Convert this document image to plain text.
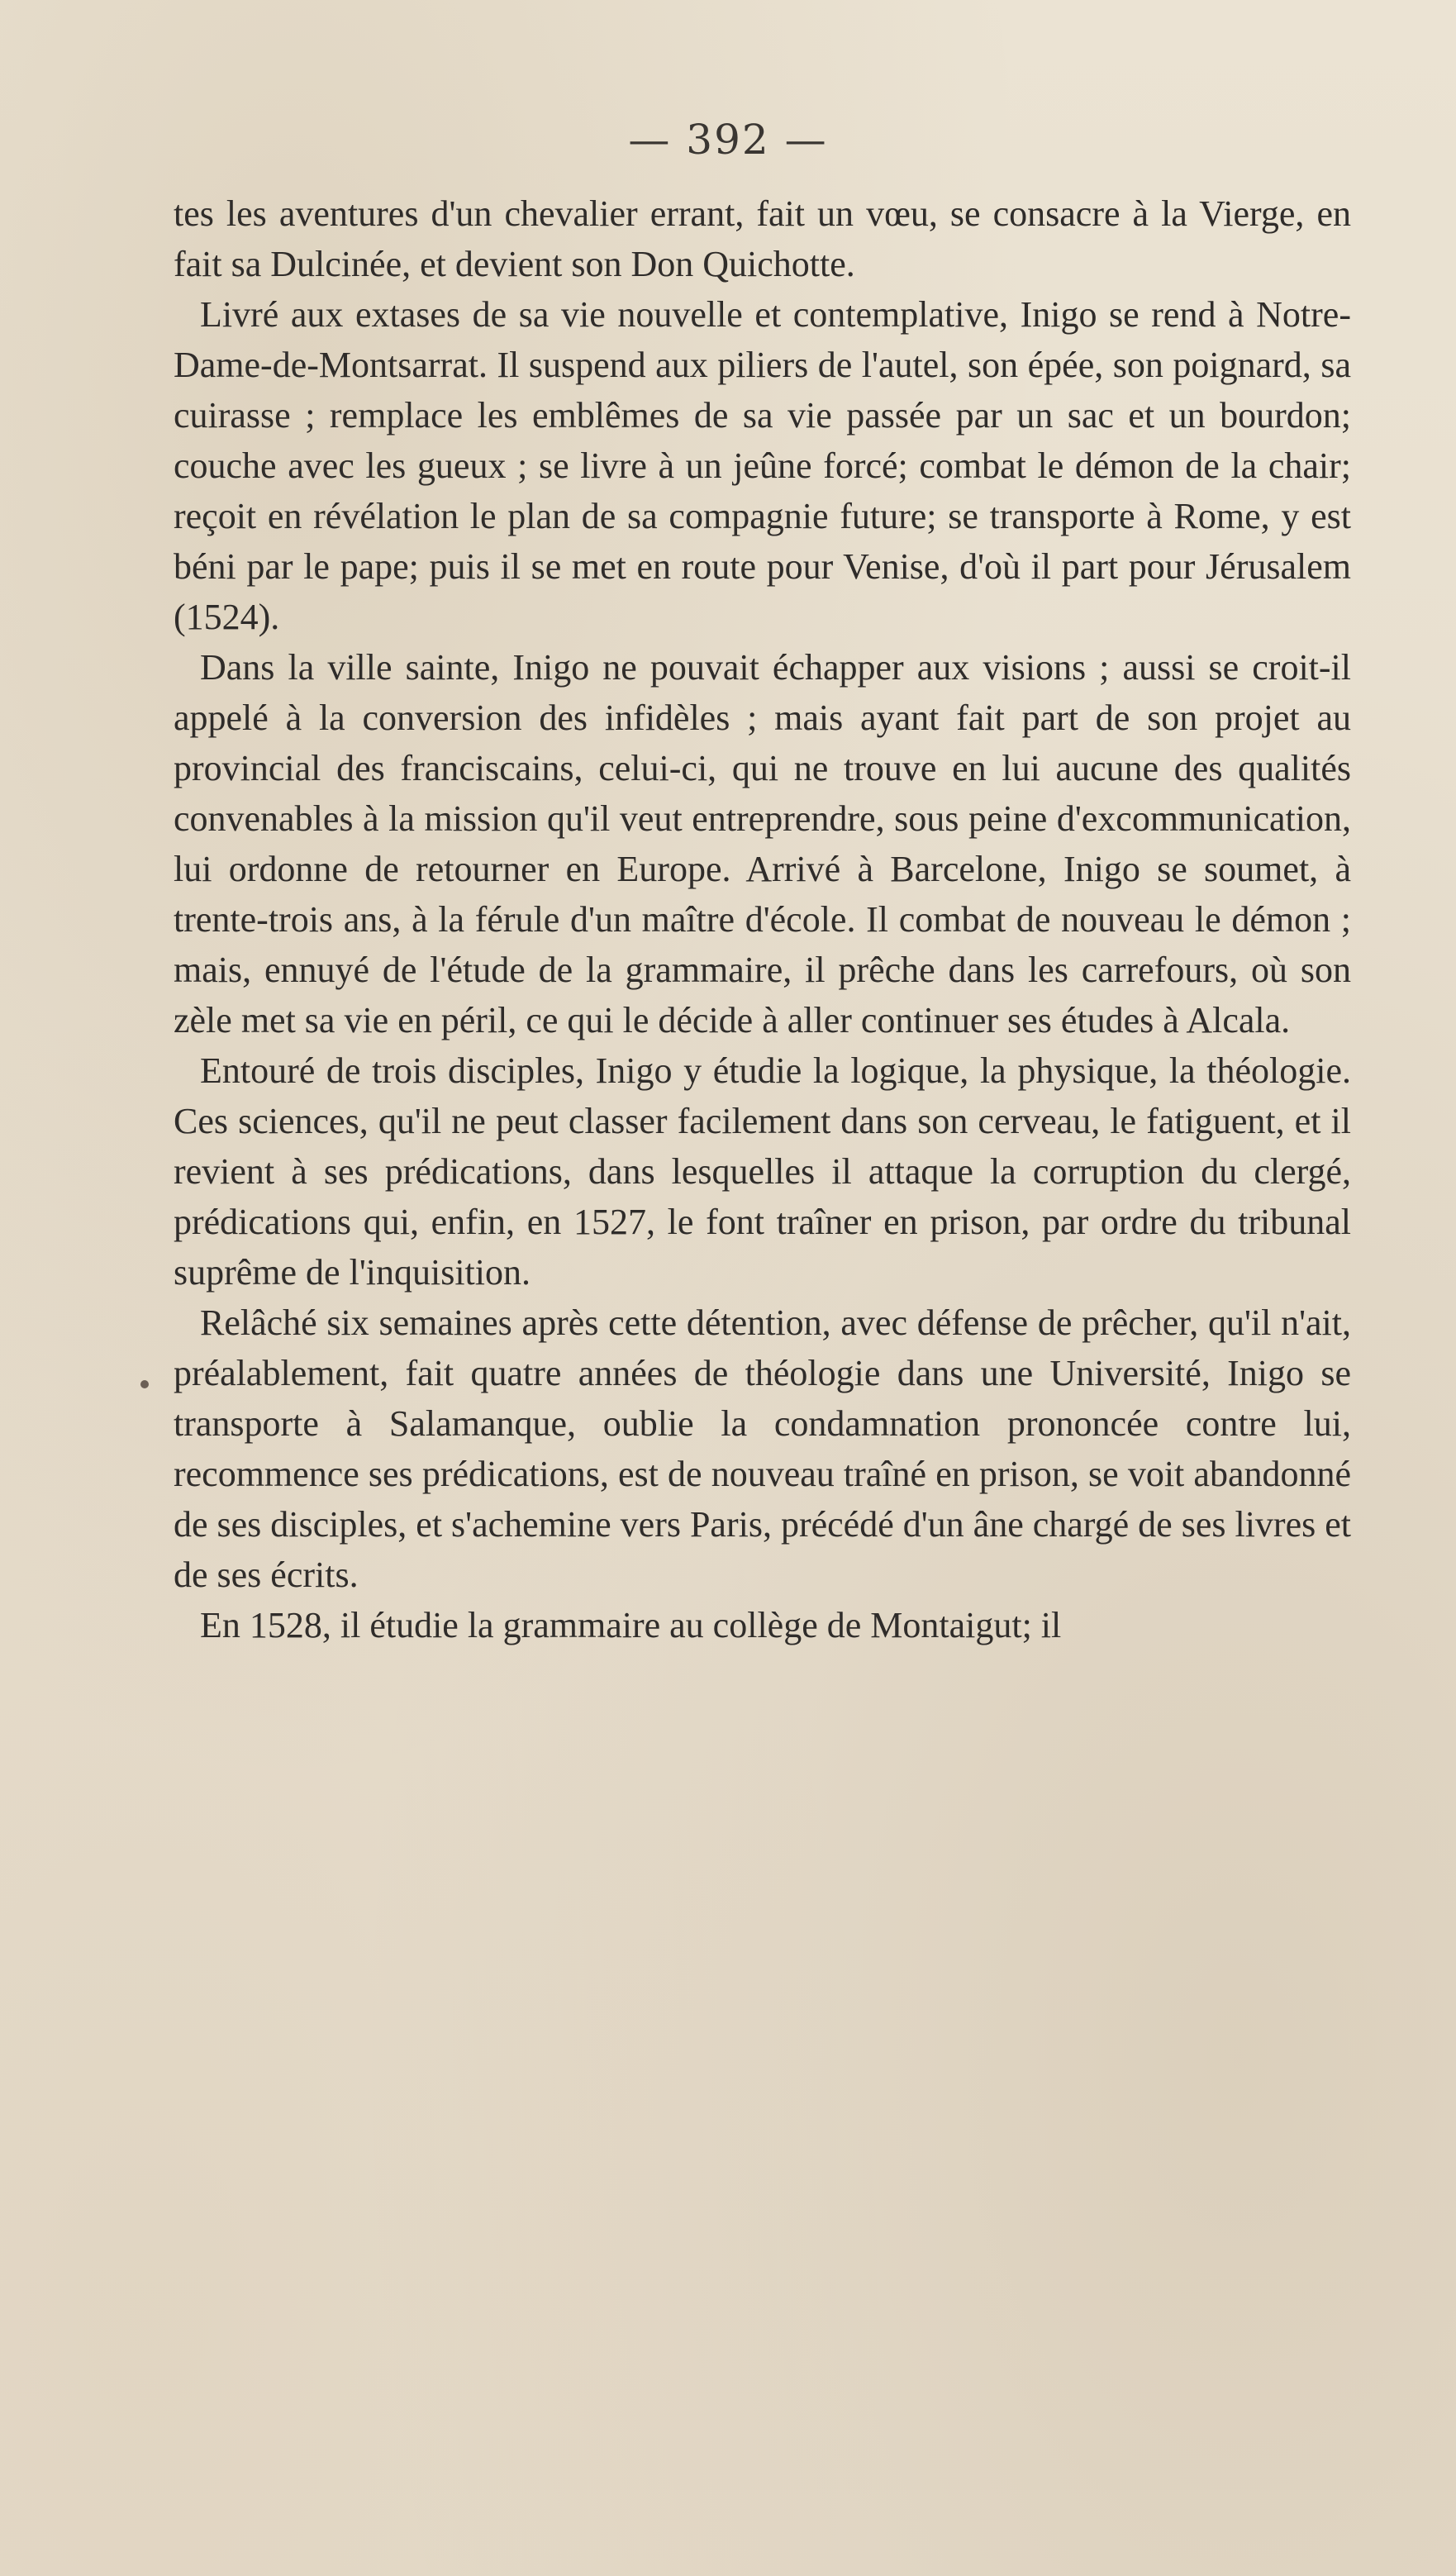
— 392 —

tes les aventures d'un chevalier errant, fait un vœu, se consacre à la Vierge, en fait sa Dulcinée, et devient son Don Quichotte.

Livré aux extases de sa vie nouvelle et contemplative, Inigo se rend à Notre-Dame-de-Montsarrat. Il suspend aux piliers de l'autel, son épée, son poignard, sa cuirasse ; remplace les emblêmes de sa vie passée par un sac et un bourdon; couche avec les gueux ; se livre à un jeûne forcé; combat le démon de la chair; reçoit en révélation le plan de sa compagnie future; se transporte à Rome, y est béni par le pape; puis il se met en route pour Venise, d'où il part pour Jérusalem (1524).

Dans la ville sainte, Inigo ne pouvait échapper aux visions ; aussi se croit-il appelé à la conversion des infidèles ; mais ayant fait part de son projet au provincial des franciscains, celui-ci, qui ne trouve en lui aucune des qualités convenables à la mission qu'il veut entreprendre, sous peine d'excommunication, lui ordonne de retourner en Europe. Arrivé à Barcelone, Inigo se soumet, à trente-trois ans, à la férule d'un maître d'école. Il combat de nouveau le démon ; mais, ennuyé de l'étude de la grammaire, il prêche dans les carrefours, où son zèle met sa vie en péril, ce qui le décide à aller continuer ses études à Alcala.

Entouré de trois disciples, Inigo y étudie la logique, la physique, la théologie. Ces sciences, qu'il ne peut classer facilement dans son cerveau, le fatiguent, et il revient à ses prédications, dans lesquelles il attaque la corruption du clergé, prédications qui, enfin, en 1527, le font traîner en prison, par ordre du tribunal suprême de l'inquisition.

Relâché six semaines après cette détention, avec défense de prêcher, qu'il n'ait, préalablement, fait quatre années de théologie dans une Université, Inigo se transporte à Salamanque, oublie la condamnation prononcée contre lui, recommence ses prédications, est de nouveau traîné en prison, se voit abandonné de ses disciples, et s'achemine vers Paris, précédé d'un âne chargé de ses livres et de ses écrits.

En 1528, il étudie la grammaire au collège de Montaigut; il
